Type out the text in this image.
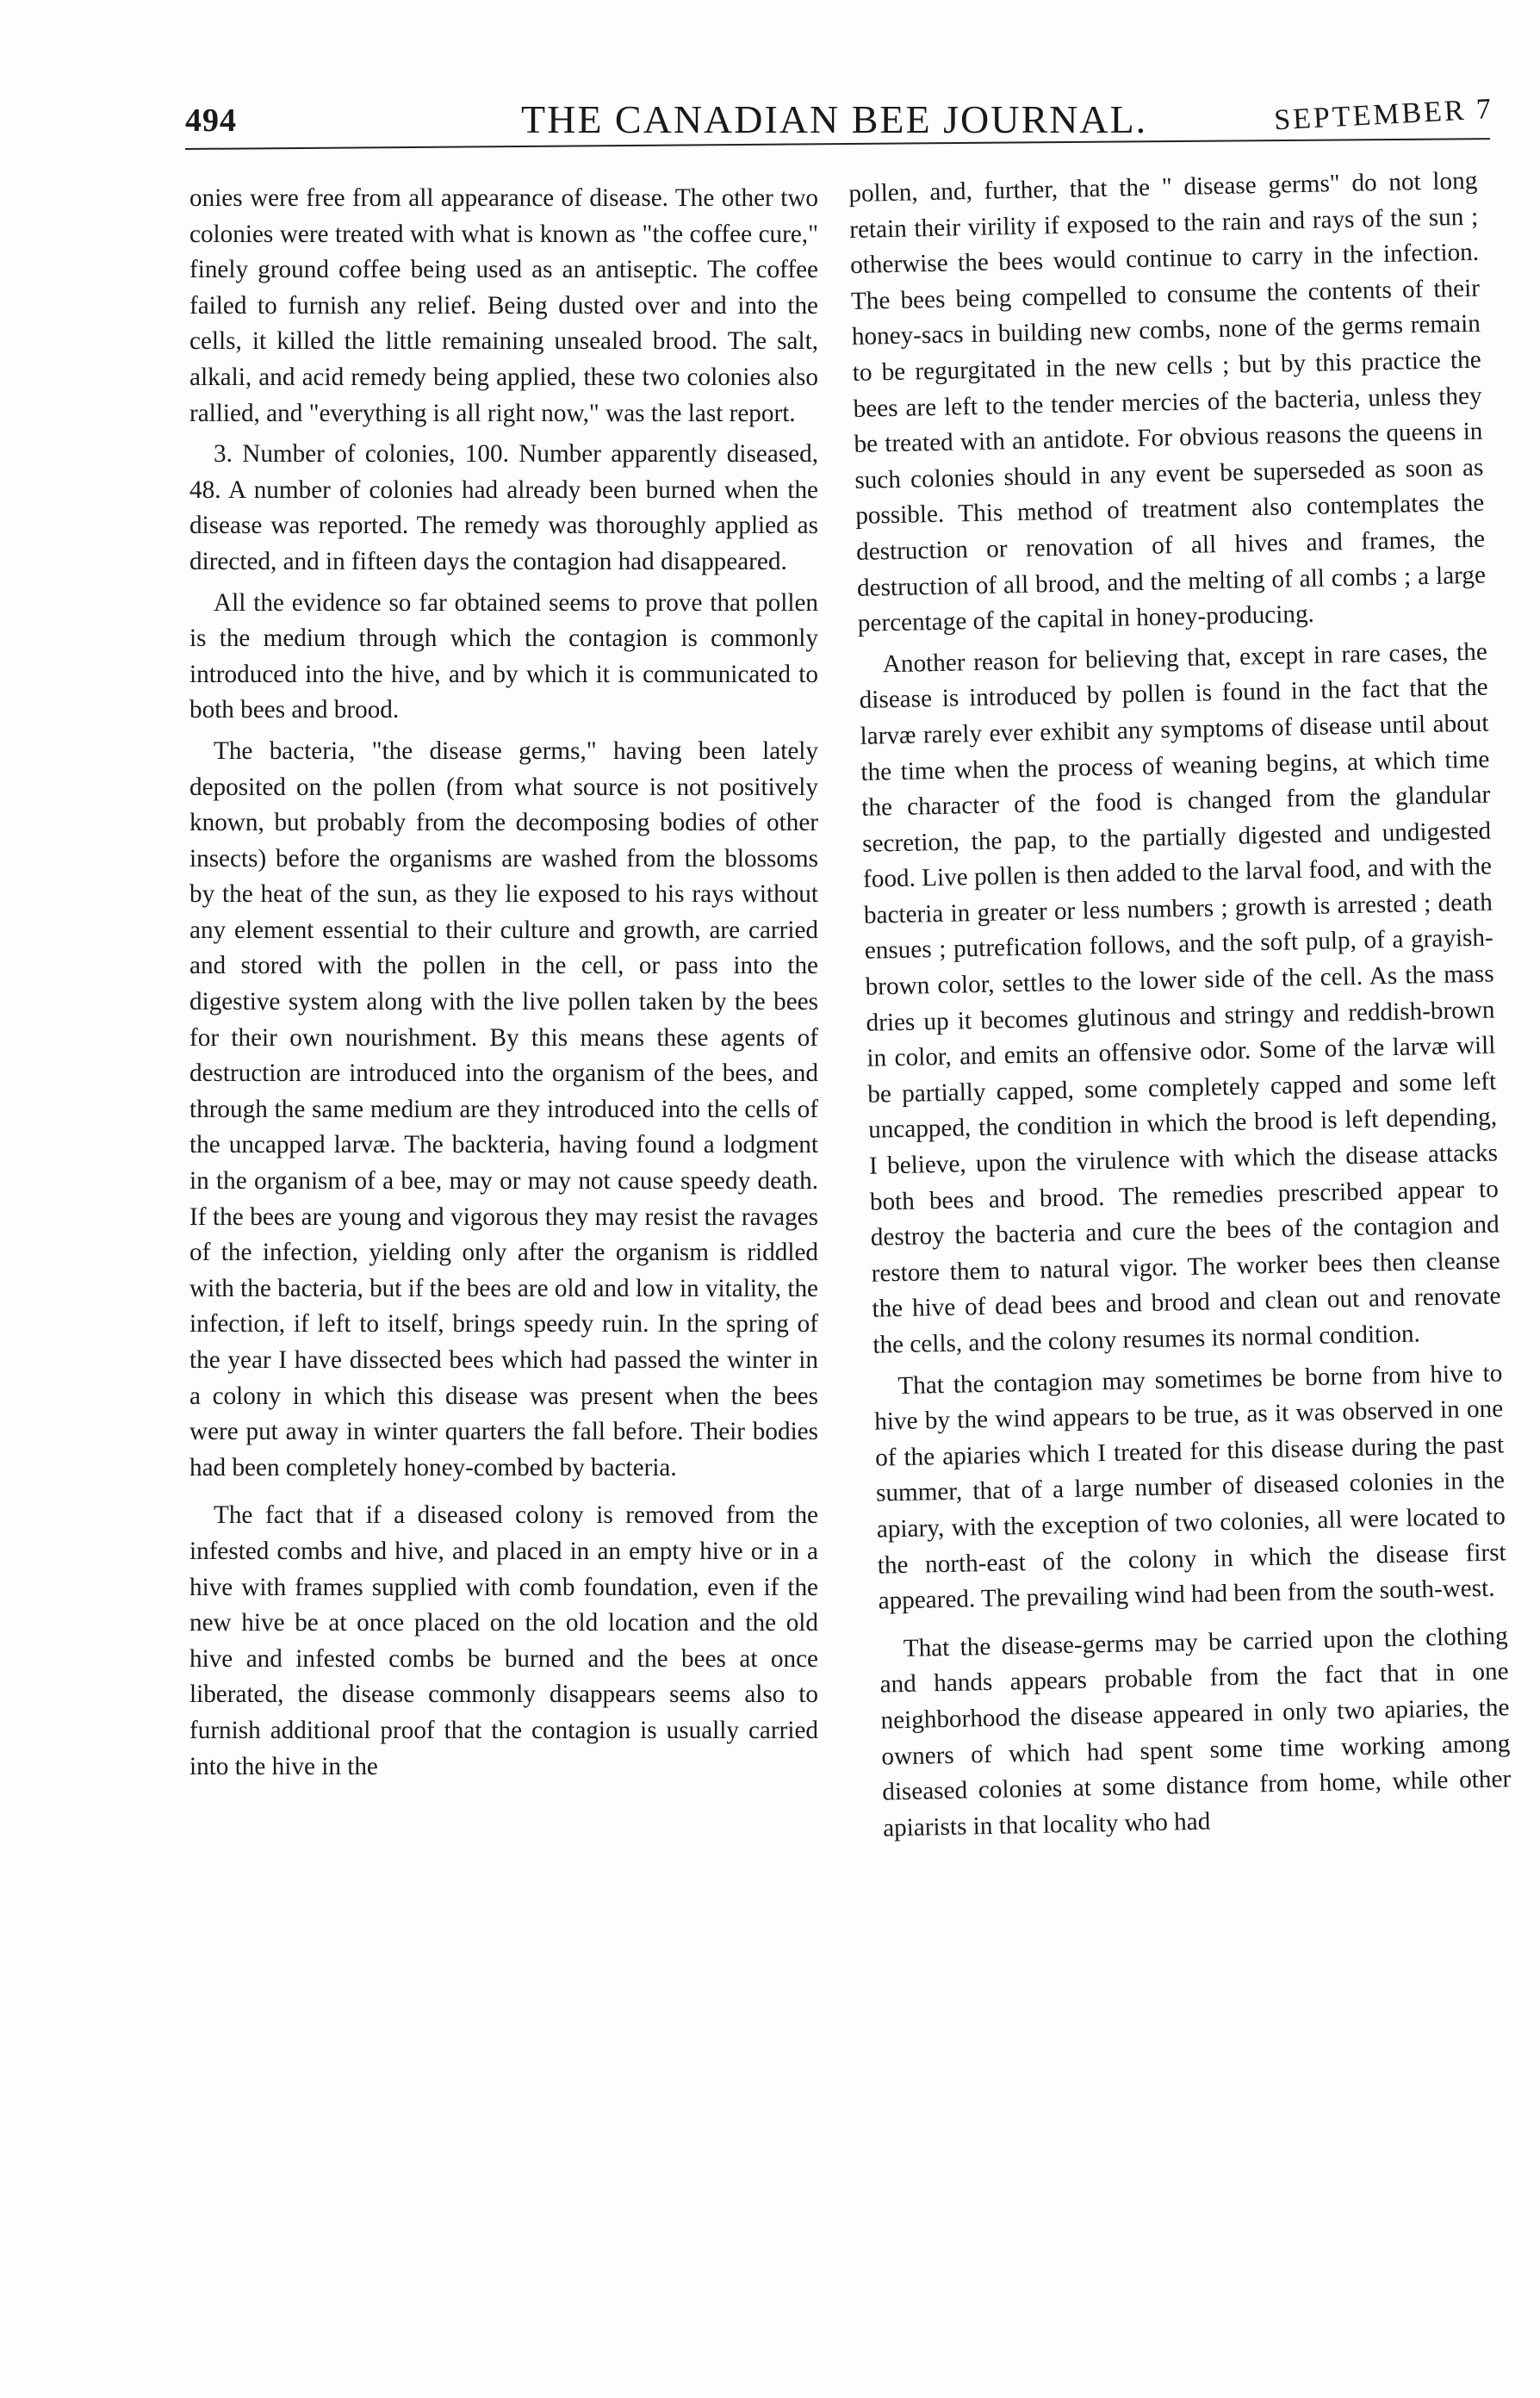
494	THE CANADIAN BEE JOURNAL.	SEPTEMBER 7

onies were free from all appearance of disease. The other two colonies were treated with what is known as "the coffee cure," finely ground coffee being used as an antiseptic. The coffee failed to furnish any relief. Being dusted over and into the cells, it killed the little remaining unsealed brood. The salt, alkali, and acid remedy being applied, these two colonies also rallied, and "everything is all right now," was the last report.

3. Number of colonies, 100. Number apparently diseased, 48. A number of colonies had already been burned when the disease was reported. The remedy was thoroughly applied as directed, and in fifteen days the contagion had disappeared.

All the evidence so far obtained seems to prove that pollen is the medium through which the contagion is commonly introduced into the hive, and by which it is communicated to both bees and brood.

The bacteria, "the disease germs," having been lately deposited on the pollen (from what source is not positively known, but probably from the decomposing bodies of other insects) before the organisms are washed from the blossoms by the heat of the sun, as they lie exposed to his rays without any element essential to their culture and growth, are carried and stored with the pollen in the cell, or pass into the digestive system along with the live pollen taken by the bees for their own nourishment. By this means these agents of destruction are introduced into the organism of the bees, and through the same medium are they introduced into the cells of the uncapped larvæ. The backteria, having found a lodgment in the organism of a bee, may or may not cause speedy death. If the bees are young and vigorous they may resist the ravages of the infection, yielding only after the organism is riddled with the bacteria, but if the bees are old and low in vitality, the infection, if left to itself, brings speedy ruin. In the spring of the year I have dissected bees which had passed the winter in a colony in which this disease was present when the bees were put away in winter quarters the fall before. Their bodies had been completely honey-combed by bacteria.

The fact that if a diseased colony is removed from the infested combs and hive, and placed in an empty hive or in a hive with frames supplied with comb foundation, even if the new hive be at once placed on the old location and the old hive and infested combs be burned and the bees at once liberated, the disease commonly disappears seems also to furnish additional proof that the contagion is usually carried into the hive in the

pollen, and, further, that the " disease germs" do not long retain their virility if exposed to the rain and rays of the sun ; otherwise the bees would continue to carry in the infection. The bees being compelled to consume the contents of their honey-sacs in building new combs, none of the germs remain to be regurgitated in the new cells ; but by this practice the bees are left to the tender mercies of the bacteria, unless they be treated with an antidote. For obvious reasons the queens in such colonies should in any event be superseded as soon as possible. This method of treatment also contemplates the destruction or renovation of all hives and frames, the destruction of all brood, and the melting of all combs ; a large percentage of the capital in honey-producing.

Another reason for believing that, except in rare cases, the disease is introduced by pollen is found in the fact that the larvæ rarely ever exhibit any symptoms of disease until about the time when the process of weaning begins, at which time the character of the food is changed from the glandular secretion, the pap, to the partially digested and undigested food. Live pollen is then added to the larval food, and with the bacteria in greater or less numbers ; growth is arrested ; death ensues ; putrefication follows, and the soft pulp, of a grayish-brown color, settles to the lower side of the cell. As the mass dries up it becomes glutinous and stringy and reddish-brown in color, and emits an offensive odor. Some of the larvæ will be partially capped, some completely capped and some left uncapped, the condition in which the brood is left depending, I believe, upon the virulence with which the disease attacks both bees and brood. The remedies prescribed appear to destroy the bacteria and cure the bees of the contagion and restore them to natural vigor. The worker bees then cleanse the hive of dead bees and brood and clean out and renovate the cells, and the colony resumes its normal condition.

That the contagion may sometimes be borne from hive to hive by the wind appears to be true, as it was observed in one of the apiaries which I treated for this disease during the past summer, that of a large number of diseased colonies in the apiary, with the exception of two colonies, all were located to the north-east of the colony in which the disease first appeared. The prevailing wind had been from the south-west.

That the disease-germs may be carried upon the clothing and hands appears probable from the fact that in one neighborhood the disease appeared in only two apiaries, the owners of which had spent some time working among diseased colonies at some distance from home, while other apiarists in that locality who had
